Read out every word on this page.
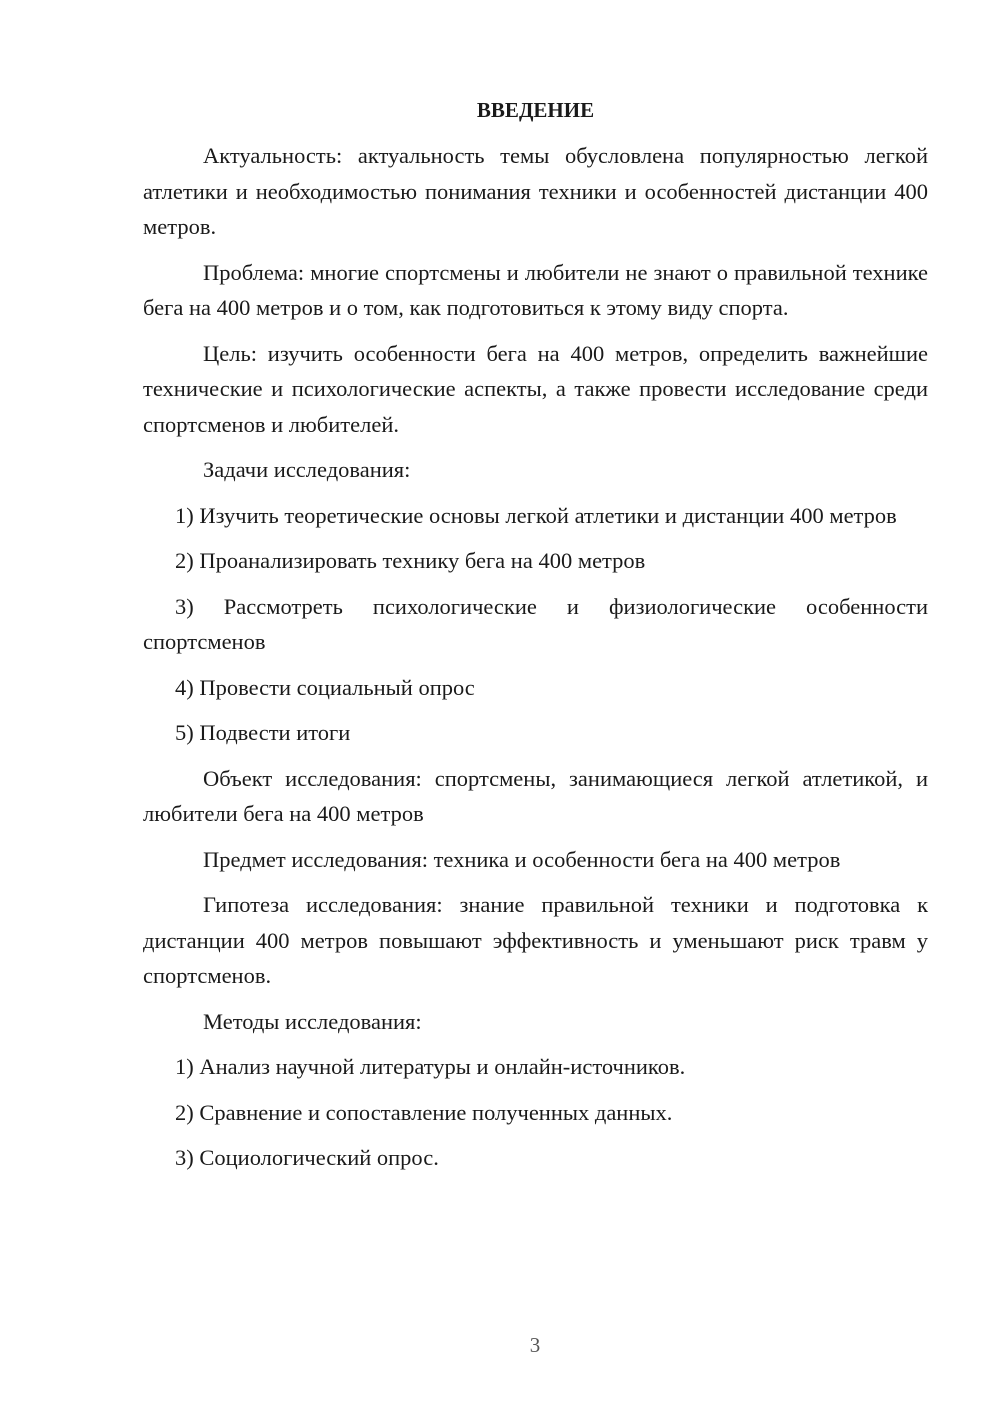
ВВЕДЕНИЕ

Актуальность: актуальность темы обусловлена популярностью легкой атлетики и необходимостью понимания техники и особенностей дистанции 400 метров.

Проблема: многие спортсмены и любители не знают о правильной технике бега на 400 метров и о том, как подготовиться к этому виду спорта.

Цель: изучить особенности бега на 400 метров, определить важнейшие технические и психологические аспекты, а также провести исследование среди спортсменов и любителей.

Задачи исследования:

1) Изучить теоретические основы легкой атлетики и дистанции 400 метров

2) Проанализировать технику бега на 400 метров

3) Рассмотреть психологические и физиологические особенности спортсменов

4) Провести социальный опрос

5) Подвести итоги

Объект исследования: спортсмены, занимающиеся легкой атлетикой, и любители бега на 400 метров

Предмет исследования: техника и особенности бега на 400 метров

Гипотеза исследования: знание правильной техники и подготовка к дистанции 400 метров повышают эффективность и уменьшают риск травм у спортсменов.

Методы исследования:

1) Анализ научной литературы и онлайн-источников.

2) Сравнение и сопоставление полученных данных.

3) Социологический опрос.

3
